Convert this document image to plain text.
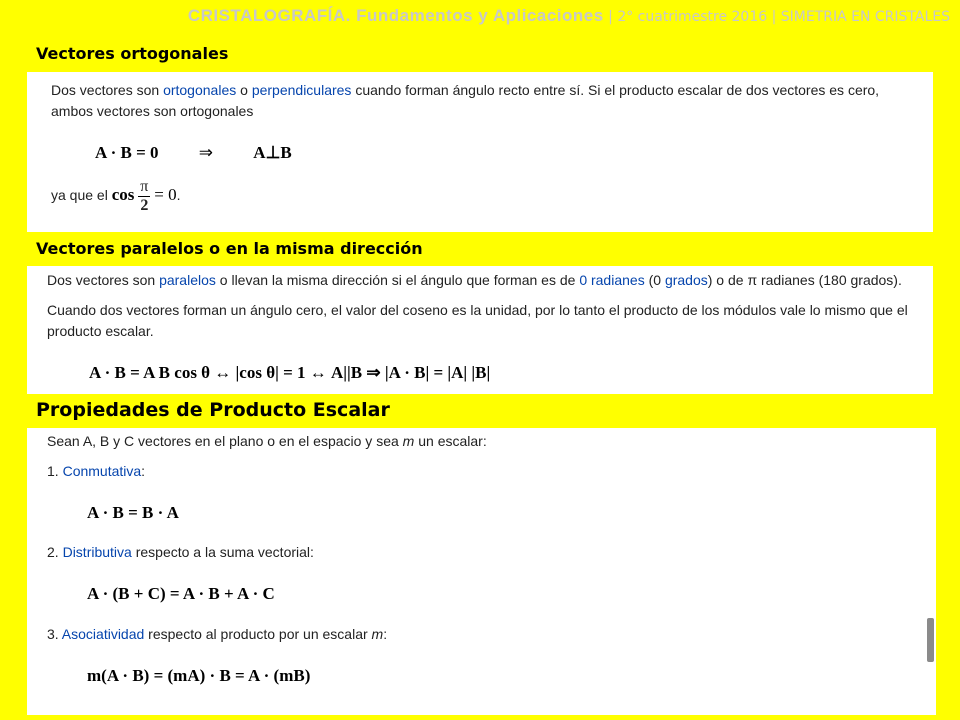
CRISTALOGRAFÍA. Fundamentos y Aplicaciones | 2° cuatrimestre 2016 | SIMETRIA EN CRISTALES
Vectores ortogonales

Dos vectores son ortogonales o perpendiculares cuando forman ángulo recto entre sí. Si el producto escalar de dos vectores es cero, ambos vectores son ortogonales

A · B = 0 ⇒ A⊥B
ya que el $\cos \frac{\pi}{2} = 0$.
Vectores paralelos o en la misma dirección

Dos vectores son paralelos o llevan la misma dirección si el ángulo que forman es de 0 radianes (0 grados) o de π radianes (180 grados).

Cuando dos vectores forman un ángulo cero, el valor del coseno es la unidad, por lo tanto el producto de los módulos vale lo mismo que el producto escalar.

A · B = A B cos θ ↔ |cos θ| = 1 ↔ A||B ⇒ |A · B| = |A| |B|
Propiedades de Producto Escalar

Sean A, B y C vectores en el plano o en el espacio y sea m un escalar:

1. Conmutativa:

A · B = B · A

2. Distributiva respecto a la suma vectorial:

A · (B + C) = A · B + A · C

3. Asociatividad respecto al producto por un escalar m:

m(A · B) = (mA) · B = A · (mB)
